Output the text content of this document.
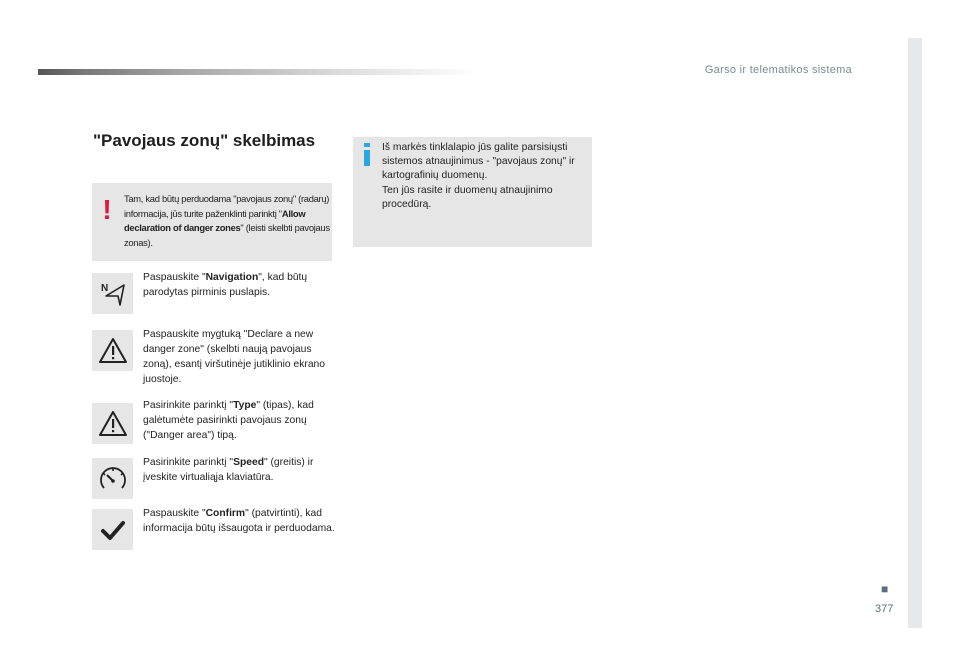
Garso ir telematikos sistema
■
377
"Pavojaus zonų" skelbimas
! Tam, kad būtų perduodama "pavojaus zonų" (radarų) informacija, jūs turite paženklinti parinktį "Allow declaration of danger zones" (leisti skelbti pavojaus zonas).
Iš markės tinklalapio jūs galite parsisiųsti sistemos atnaujinimus - "pavojaus zonų" ir kartografinių duomenų.
Ten jūs rasite ir duomenų atnaujinimo procedūrą.
N
Paspauskite "Navigation", kad būtų parodytas pirminis puslapis.
Paspauskite mygtuką "Declare a new danger zone" (skelbti naują pavojaus zoną), esantį viršutinėje jutiklinio ekrano juostoje.
Pasirinkite parinktį "Type" (tipas), kad galėtumėte pasirinkti pavojaus zonų ("Danger area") tipą.
Pasirinkite parinktį "Speed" (greitis) ir įveskite virtualiąja klaviatūra.
Paspauskite "Confirm" (patvirtinti), kad informacija būtų išsaugota ir perduodama.
